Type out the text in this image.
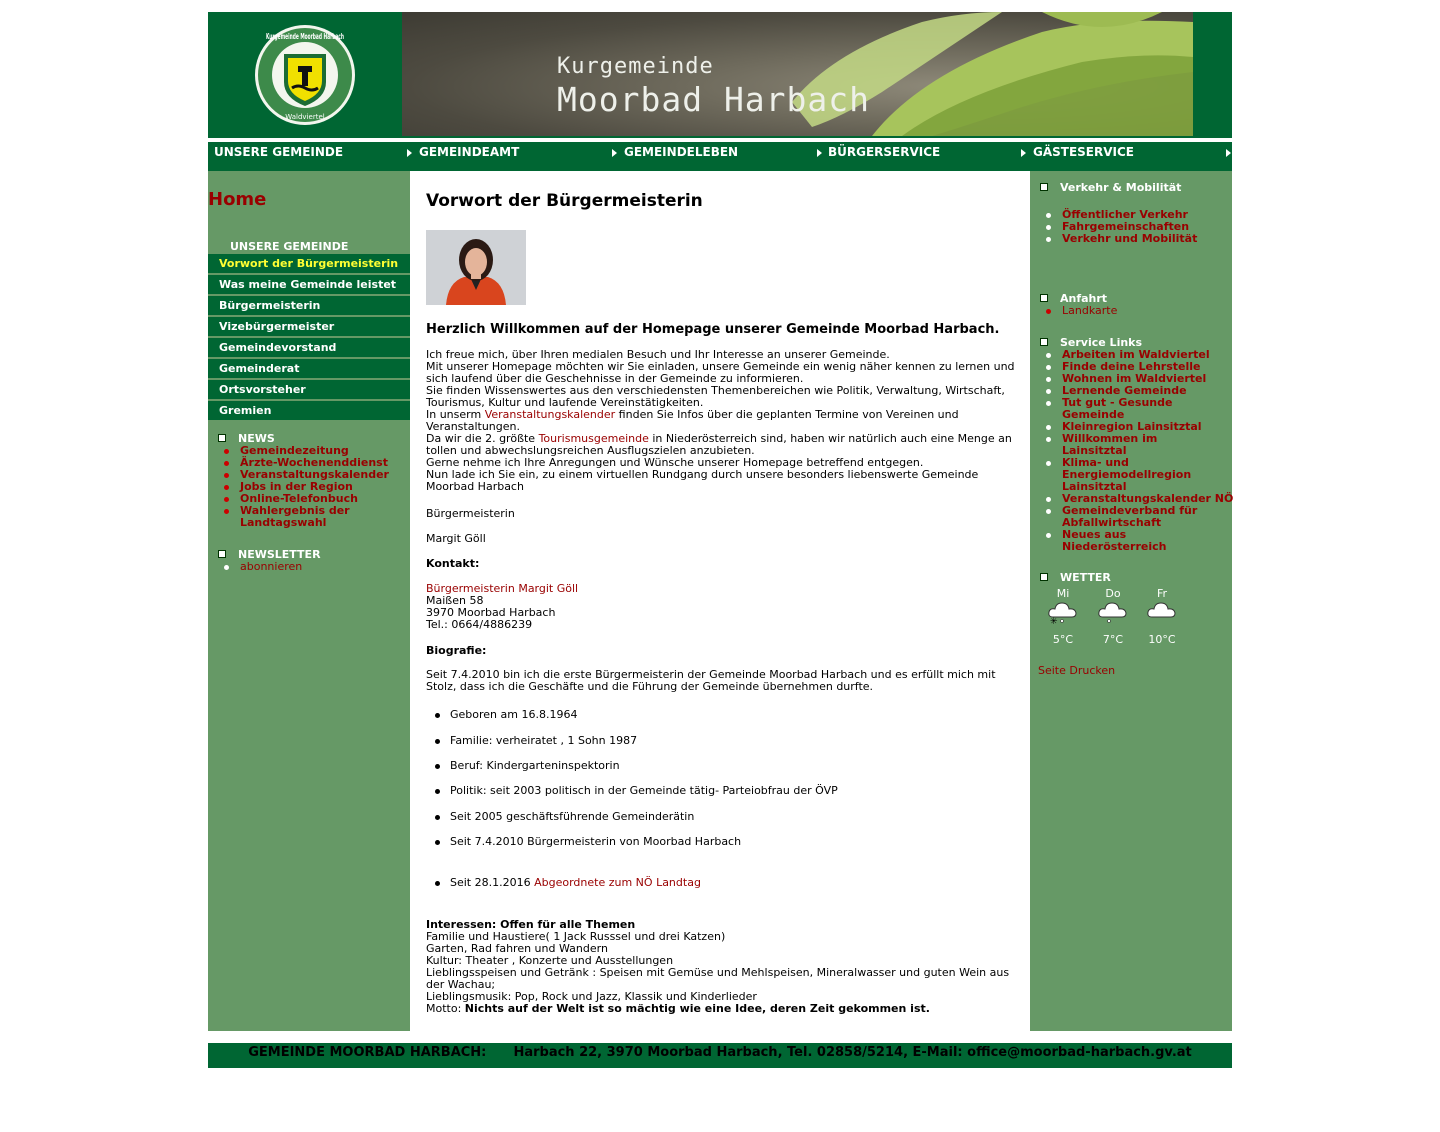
Kurgemeinde Moorbad Harbach
Waldviertel
Kurgemeinde
Moorbad Harbach
UNSERE GEMEINDE	GEMEINDEAMT	GEMEINDELEBEN	BÜRGERSERVICE	GÄSTESERVICE
Home
UNSERE GEMEINDE
Vorwort der Bürgermeisterin
Was meine Gemeinde leistet
Bürgermeisterin
Vizebürgermeister
Gemeindevorstand
Gemeinderat
Ortsvorsteher
Gremien
NEWS
Gemeindezeitung
Ärzte-Wochenenddienst
Veranstaltungskalender
Jobs in der Region
Online-Telefonbuch
Wahlergebnis der Landtagswahl
NEWSLETTER
abonnieren
Vorwort der Bürgermeisterin
Herzlich Willkommen auf der Homepage unserer Gemeinde Moorbad Harbach.
Ich freue mich, über Ihren medialen Besuch und Ihr Interesse an unserer Gemeinde.
Mit unserer Homepage möchten wir Sie einladen, unsere Gemeinde ein wenig näher kennen zu lernen und sich laufend über die Geschehnisse in der Gemeinde zu informieren.
Sie finden Wissenswertes aus den verschiedensten Themenbereichen wie Politik, Verwaltung, Wirtschaft, Tourismus, Kultur und laufende Vereinstätigkeiten.
In unserm Veranstaltungskalender finden Sie Infos über die geplanten Termine von Vereinen und Veranstaltungen.
Da wir die 2. größte Tourismusgemeinde in Niederösterreich sind, haben wir natürlich auch eine Menge an tollen und abwechslungsreichen Ausflugszielen anzubieten.
Gerne nehme ich Ihre Anregungen und Wünsche unserer Homepage betreffend entgegen.
Nun lade ich Sie ein, zu einem virtuellen Rundgang durch unsere besonders liebenswerte Gemeinde Moorbad Harbach
Bürgermeisterin
Margit Göll
Kontakt:
Bürgermeisterin Margit Göll
Maißen 58
3970 Moorbad Harbach
Tel.: 0664/4886239
Biografie:
Seit 7.4.2010 bin ich die erste Bürgermeisterin der Gemeinde Moorbad Harbach und es erfüllt mich mit Stolz, dass ich die Geschäfte und die Führung der Gemeinde übernehmen durfte.
Geboren am 16.8.1964
Familie: verheiratet , 1 Sohn 1987
Beruf: Kindergarteninspektorin
Politik: seit 2003 politisch in der Gemeinde tätig- Parteiobfrau der ÖVP
Seit 2005 geschäftsführende Gemeinderätin
Seit 7.4.2010 Bürgermeisterin von Moorbad Harbach
Seit 28.1.2016 Abgeordnete zum NÖ Landtag
Interessen: Offen für alle Themen
Familie und Haustiere( 1 Jack Russsel und drei Katzen)
Garten, Rad fahren und Wandern
Kultur: Theater , Konzerte und Ausstellungen
Lieblingsspeisen und Getränk : Speisen mit Gemüse und Mehlspeisen, Mineralwasser und guten Wein aus der Wachau;
Lieblingsmusik: Pop, Rock und Jazz, Klassik und Kinderlieder
Motto: Nichts auf der Welt ist so mächtig wie eine Idee, deren Zeit gekommen ist.
Verkehr & Mobilität
Öffentlicher Verkehr
Fahrgemeinschaften
Verkehr und Mobilität
Anfahrt
Landkarte
Service Links
Arbeiten im Waldviertel
Finde deine Lehrstelle
Wohnen im Waldviertel
Lernende Gemeinde
Tut gut - Gesunde Gemeinde
Kleinregion Lainsitztal
Willkommen im Lainsitztal
Klima- und Energiemodellregion Lainsitztal
Veranstaltungskalender NÖ
Gemeindeverband für Abfallwirtschaft
Neues aus Niederösterreich
WETTER
Mi	Do	Fr
✳
5°C	7°C	10°C
Seite Drucken
GEMEINDE MOORBAD HARBACH: Harbach 22, 3970 Moorbad Harbach, Tel. 02858/5214, E-Mail: office@moorbad-harbach.gv.at
